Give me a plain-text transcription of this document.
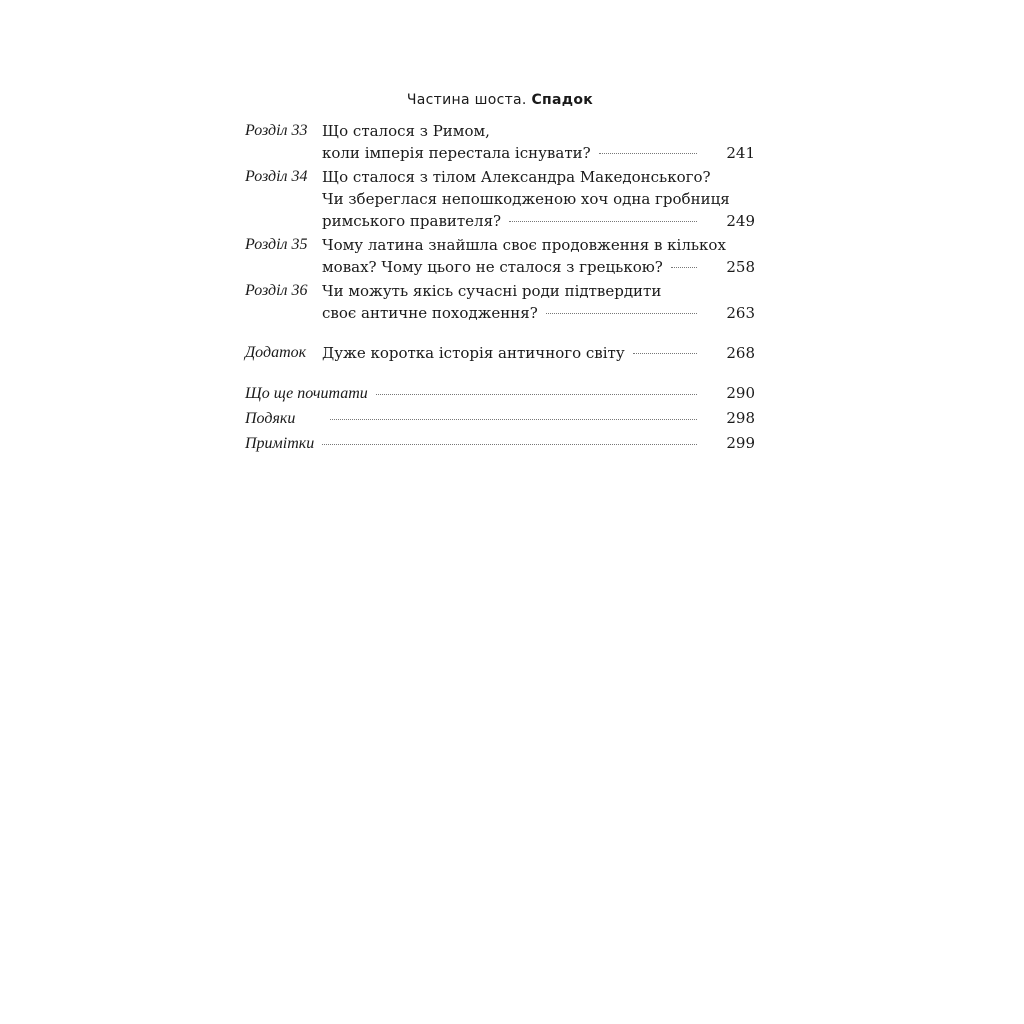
Частина шоста. Спадок
Розділ 33 Що сталося з Римом,
коли імперія перестала існувати?	241
Розділ 34 Що сталося з тілом Александра Македонського?
Чи збереглася непошкодженою хоч одна гробниця
римського правителя?	249
Розділ 35 Чому латина знайшла своє продовження в кількох
мовах? Чому цього не сталося з грецькою?	258
Розділ 36 Чи можуть якісь сучасні роди підтвердити
своє античне походження?	263
Додаток	Дуже коротка історія античного світу	268
Що ще почитати	290
Подяки	298
Примітки	299
